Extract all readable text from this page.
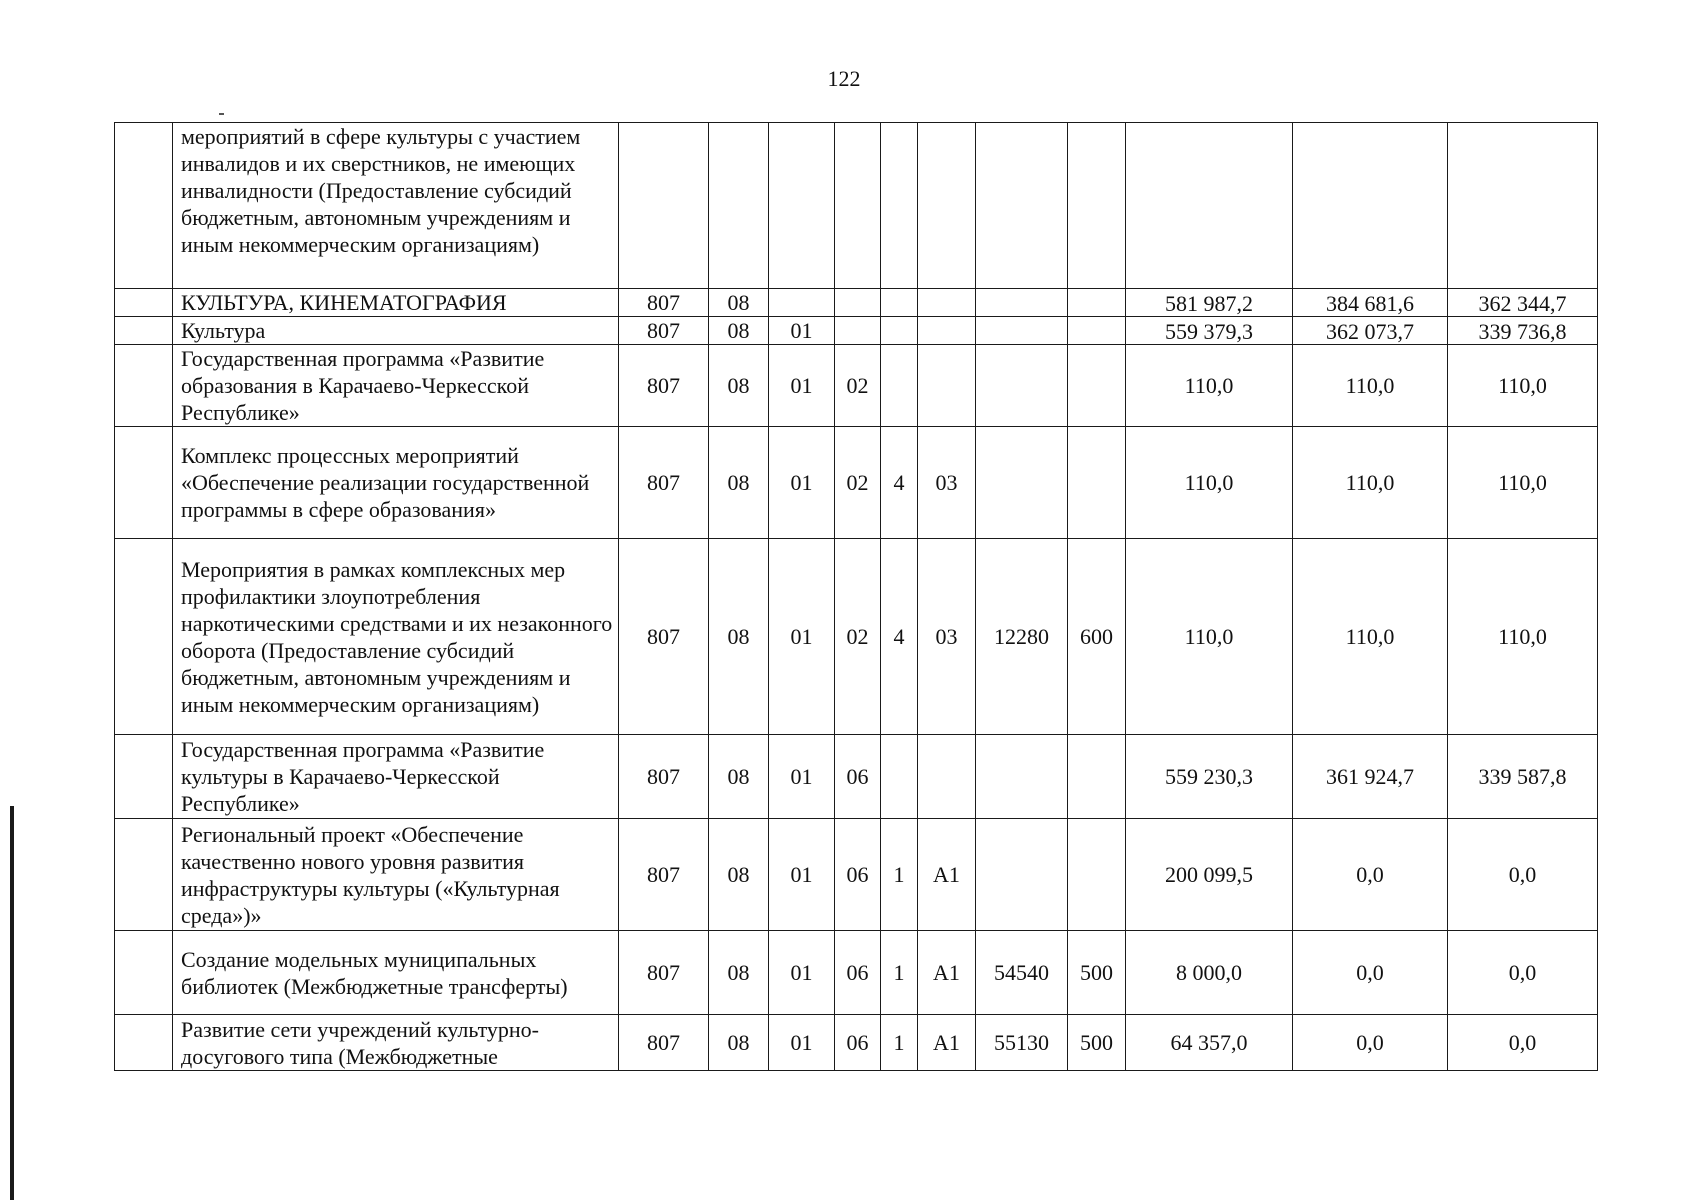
122
	мероприятий в сфере культуры с участием инвалидов и их сверстников, не имеющих инвалидности (Предоставление субсидий бюджетным, автономным учреждениям и иным некоммерческим организациям)											
	КУЛЬТУРА, КИНЕМАТОГРАФИЯ	807	08							581 987,2	384 681,6	362 344,7
	Культура	807	08	01						559 379,3	362 073,7	339 736,8
	Государственная программа «Развитие образования в Карачаево-Черкесской Республике»	807	08	01	02					110,0	110,0	110,0
	Комплекс процессных мероприятий «Обеспечение реализации государственной программы в сфере образования»	807	08	01	02	4	03			110,0	110,0	110,0
	Мероприятия в рамках комплексных мер профилактики злоупотребления наркотическими средствами и их незаконного оборота (Предоставление субсидий бюджетным, автономным учреждениям и иным некоммерческим организациям)	807	08	01	02	4	03	12280	600	110,0	110,0	110,0
	Государственная программа «Развитие культуры в Карачаево-Черкесской Республике»	807	08	01	06					559 230,3	361 924,7	339 587,8
	Региональный проект «Обеспечение качественно нового уровня развития инфраструктуры культуры («Культурная среда»)»	807	08	01	06	1	А1			200 099,5	0,0	0,0
	Создание модельных муниципальных библиотек (Межбюджетные трансферты)	807	08	01	06	1	А1	54540	500	8 000,0	0,0	0,0
	Развитие сети учреждений культурно-досугового типа (Межбюджетные	807	08	01	06	1	А1	55130	500	64 357,0	0,0	0,0
